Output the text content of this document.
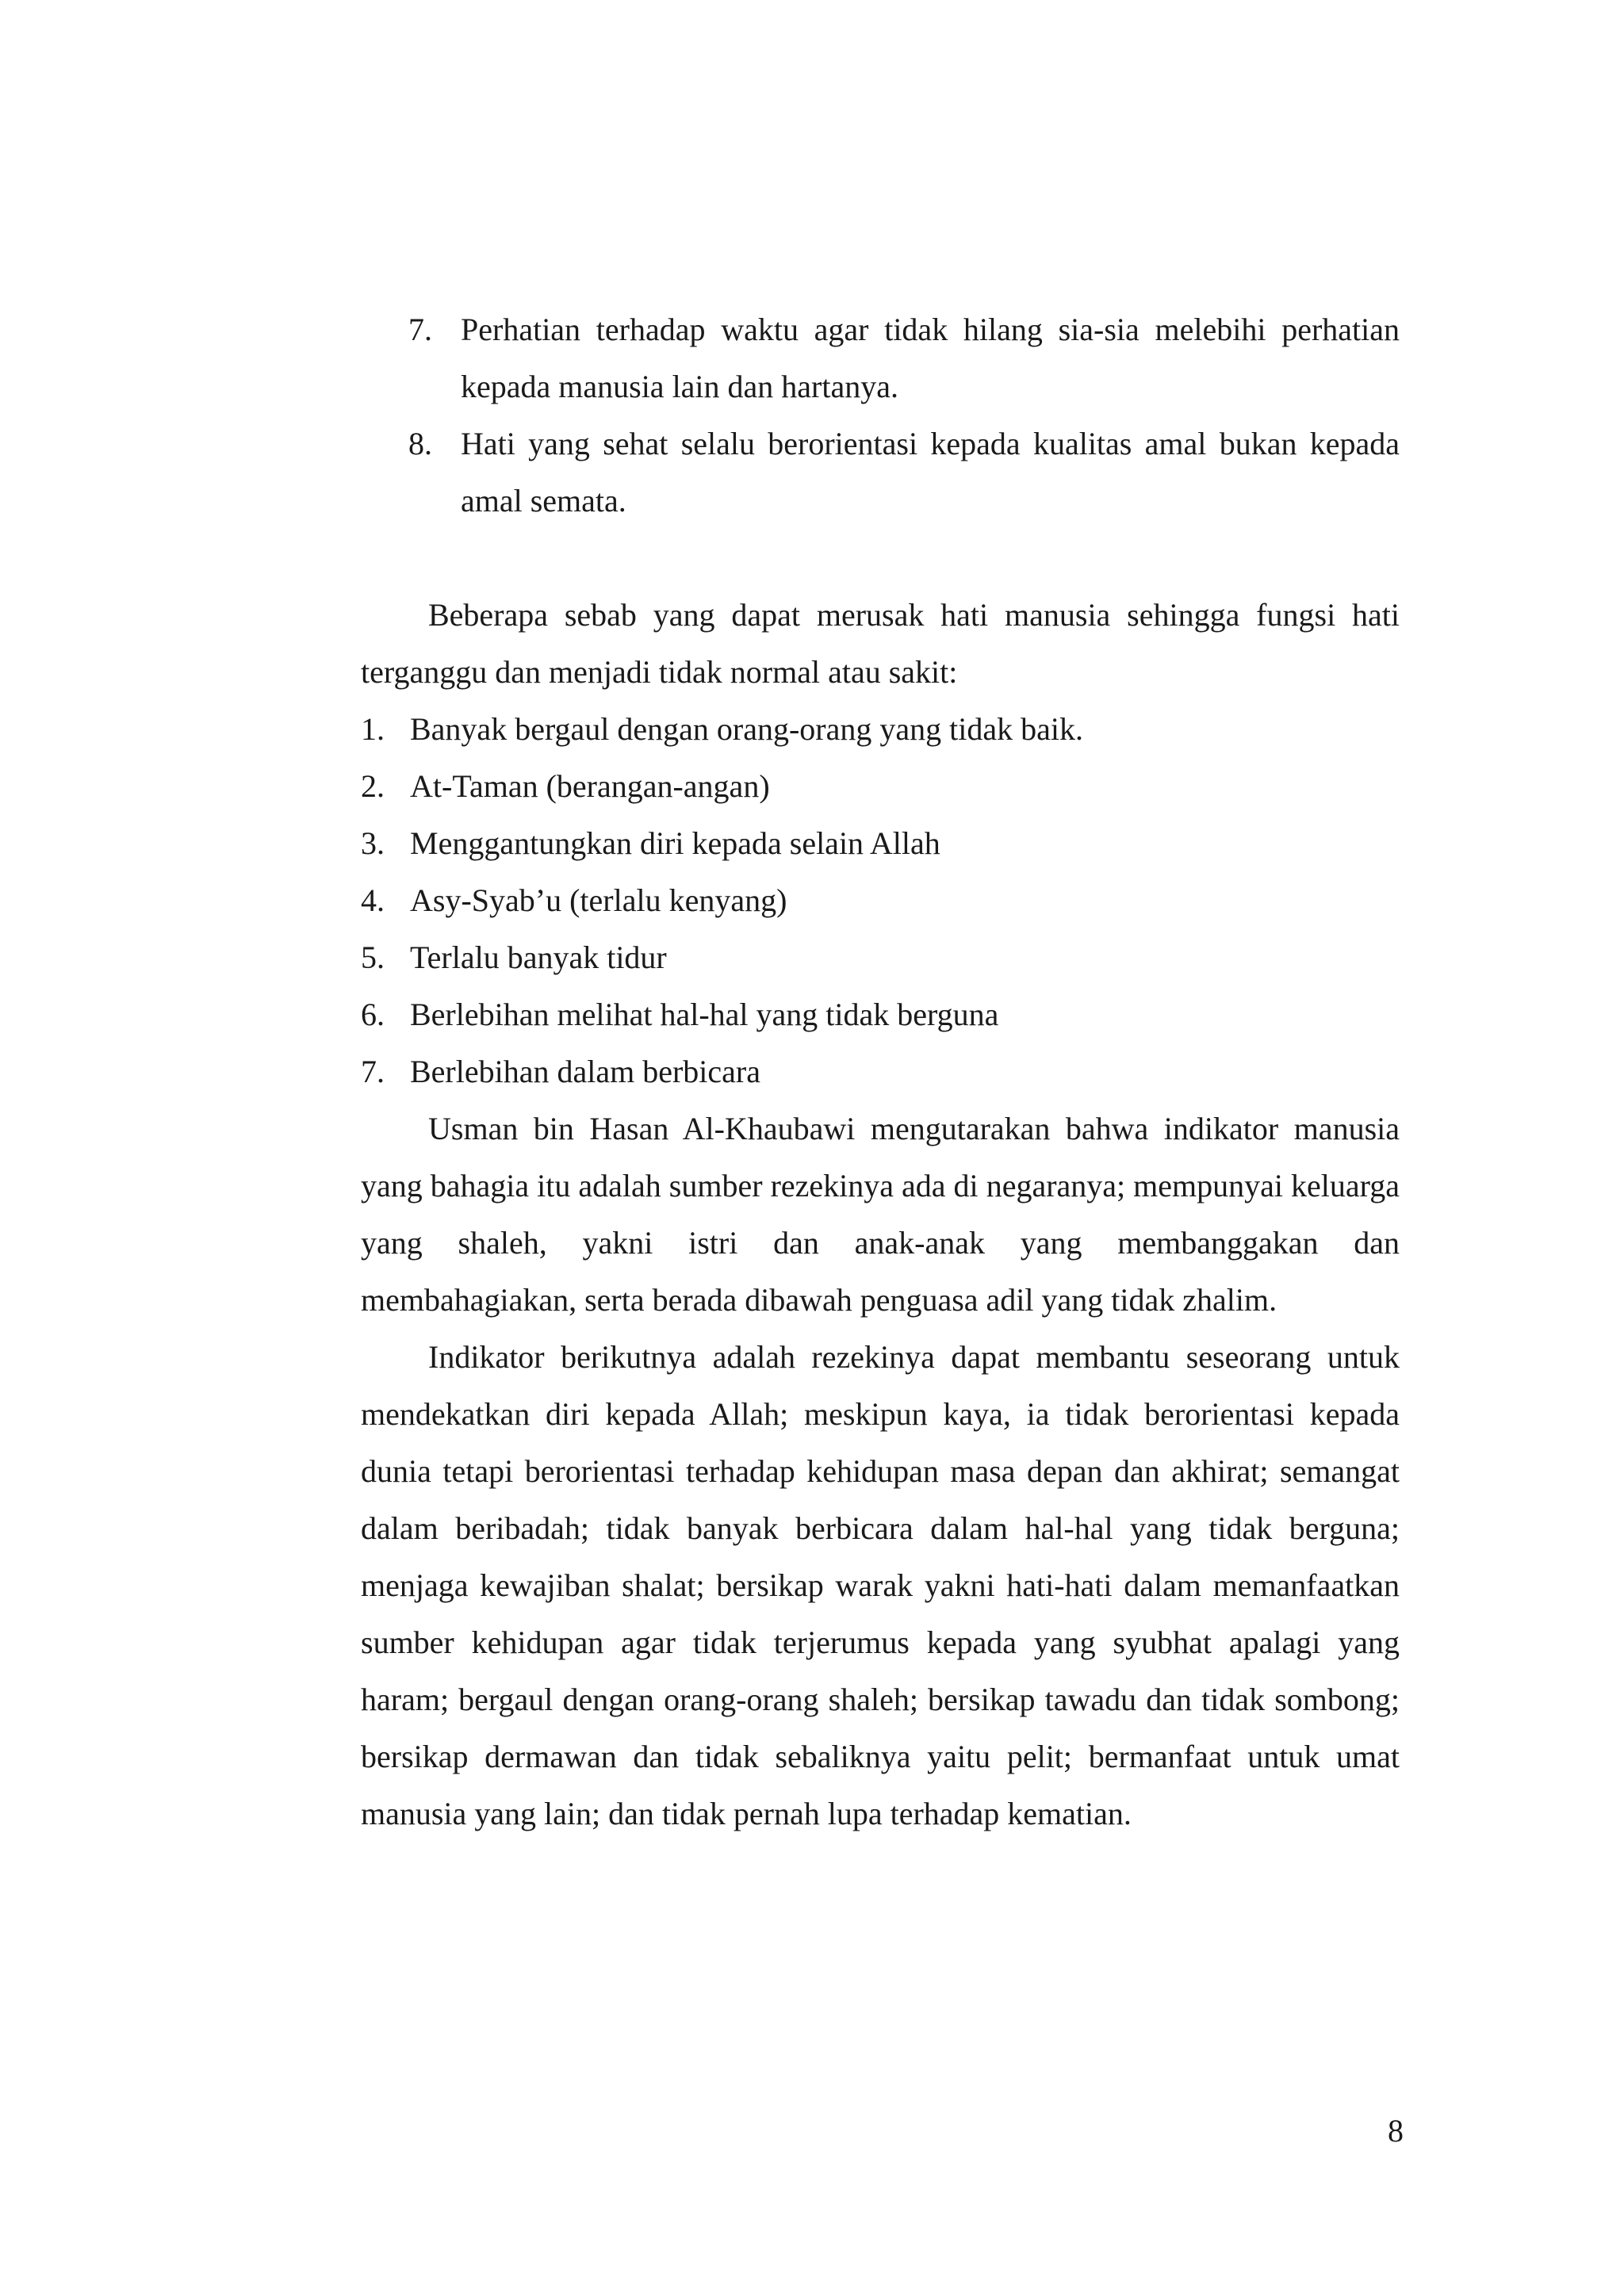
7. Perhatian terhadap waktu agar tidak hilang sia-sia melebihi perhatian kepada manusia lain dan hartanya.
8. Hati yang sehat selalu berorientasi kepada kualitas amal bukan kepada amal semata.

Beberapa sebab yang dapat merusak hati manusia sehingga fungsi hati terganggu dan menjadi tidak normal atau sakit:

1. Banyak bergaul dengan orang-orang yang tidak baik.
2. At-Taman (berangan-angan)
3. Menggantungkan diri kepada selain Allah
4. Asy-Syab’u (terlalu kenyang)
5. Terlalu banyak tidur
6. Berlebihan melihat hal-hal yang tidak berguna
7. Berlebihan dalam berbicara

Usman bin Hasan Al-Khaubawi mengutarakan bahwa indikator manusia yang bahagia itu adalah sumber rezekinya ada di negaranya; mempunyai keluarga yang shaleh, yakni istri dan anak-anak yang membanggakan dan membahagiakan, serta berada dibawah penguasa adil yang tidak zhalim.

Indikator berikutnya adalah rezekinya dapat membantu seseorang untuk mendekatkan diri kepada Allah; meskipun kaya, ia tidak berorientasi kepada dunia tetapi berorientasi terhadap kehidupan masa depan dan akhirat; semangat dalam beribadah; tidak banyak berbicara dalam hal-hal yang tidak berguna; menjaga kewajiban shalat; bersikap warak yakni hati-hati dalam memanfaatkan sumber kehidupan agar tidak terjerumus kepada yang syubhat apalagi yang haram; bergaul dengan orang-orang shaleh; bersikap tawadu dan tidak sombong; bersikap dermawan dan tidak sebaliknya yaitu pelit; bermanfaat untuk umat manusia yang lain; dan tidak pernah lupa terhadap kematian.

8
